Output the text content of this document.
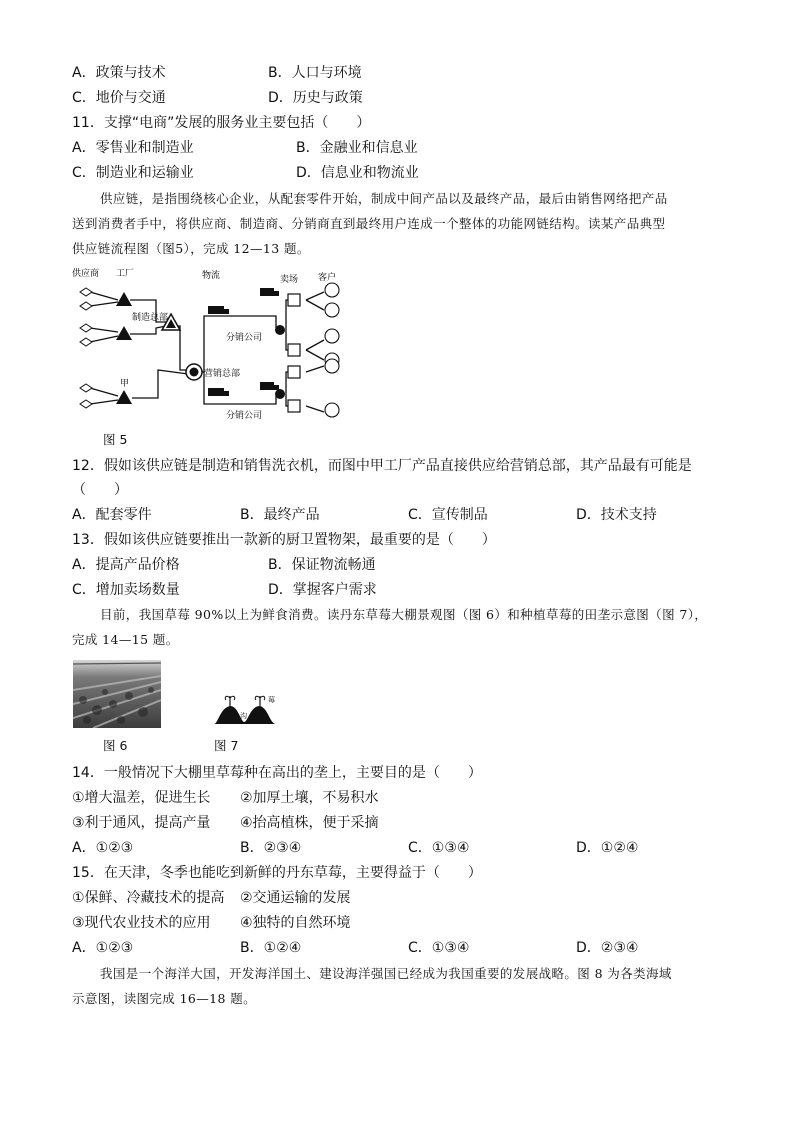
A．政策与技术	B．人口与环境
C．地价与交通	D．历史与政策
11．支撑“电商”发展的服务业主要包括（　　）
A．零售业和制造业	B．金融业和信息业
C．制造业和运输业	D．信息业和物流业
供应链，是指围绕核心企业，从配套零件开始，制成中间产品以及最终产品，最后由销售网络把产品
送到消费者手中，将供应商、制造商、分销商直到最终用户连成一个整体的功能网链结构。读某产品典型
供应链流程图（图5），完成 12—13 题。
供应商 工厂	物流	卖场 客户
制造总部
营销总部
分销公司
分销公司
甲
图 5
12．假如该供应链是制造和销售洗衣机，而图中甲工厂产品直接供应给营销总部，其产品最有可能是
（　　）
A．配套零件	B．最终产品	C．宣传制品	D．技术支持
13．假如该供应链要推出一款新的厨卫置物架，最重要的是（　　）
A．提高产品价格	B．保证物流畅通
C．增加卖场数量	D．掌握客户需求
目前，我国草莓 90%以上为鲜食消费。读丹东草莓大棚景观图（图 6）和种植草莓的田垄示意图（图 7），
完成 14—15 题。
图 6
沟
莓
图 7
14．一般情况下大棚里草莓种在高出的垄上，主要目的是（　　）
①增大温差，促进生长 ②加厚土壤，不易积水
③利于通风，提高产量 ④抬高植株，便于采摘
A．①②③	B．②③④	C．①③④	D．①②④
15．在天津，冬季也能吃到新鲜的丹东草莓，主要得益于（　　）
①保鲜、冷藏技术的提高 ②交通运输的发展
③现代农业技术的应用 ④独特的自然环境
A．①②③	B．①②④	C．①③④	D．②③④
我国是一个海洋大国，开发海洋国土、建设海洋强国已经成为我国重要的发展战略。图 8 为各类海域
示意图，读图完成 16—18 题。
